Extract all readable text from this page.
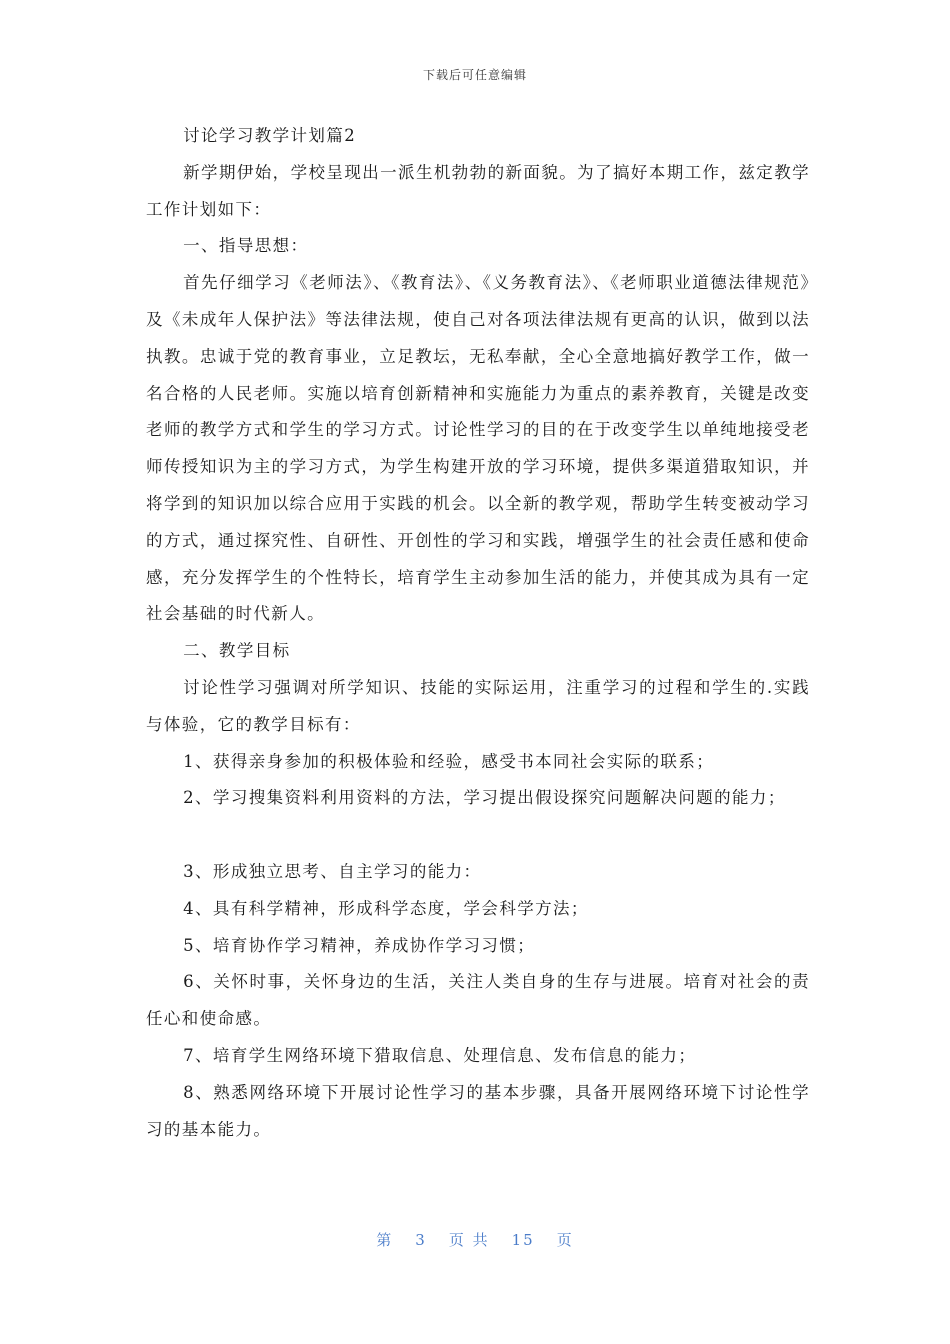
下载后可任意编辑

讨论学习教学计划篇2

新学期伊始，学校呈现出一派生机勃勃的新面貌。为了搞好本期工作，兹定教学工作计划如下：

一、指导思想：

首先仔细学习《老师法》、《教育法》、《义务教育法》、《老师职业道德法律规范》及《未成年人保护法》等法律法规，使自己对各项法律法规有更高的认识，做到以法执教。忠诚于党的教育事业，立足教坛，无私奉献，全心全意地搞好教学工作，做一名合格的人民老师。实施以培育创新精神和实施能力为重点的素养教育，关键是改变老师的教学方式和学生的学习方式。讨论性学习的目的在于改变学生以单纯地接受老师传授知识为主的学习方式，为学生构建开放的学习环境，提供多渠道猎取知识，并将学到的知识加以综合应用于实践的机会。以全新的教学观，帮助学生转变被动学习的方式，通过探究性、自研性、开创性的学习和实践，增强学生的社会责任感和使命感，充分发挥学生的个性特长，培育学生主动参加生活的能力，并使其成为具有一定社会基础的时代新人。

二、教学目标

讨论性学习强调对所学知识、技能的实际运用，注重学习的过程和学生的.实践与体验，它的教学目标有：

1、获得亲身参加的积极体验和经验，感受书本同社会实际的联系；

2、学习搜集资料利用资料的方法，学习提出假设探究问题解决问题的能力；

3、形成独立思考、自主学习的能力：

4、具有科学精神，形成科学态度，学会科学方法；

5、培育协作学习精神，养成协作学习习惯；

6、关怀时事，关怀身边的生活，关注人类自身的生存与进展。培育对社会的责任心和使命感。

7、培育学生网络环境下猎取信息、处理信息、发布信息的能力；

8、熟悉网络环境下开展讨论性学习的基本步骤，具备开展网络环境下讨论性学习的基本能力。

第 3 页 共 15 页
